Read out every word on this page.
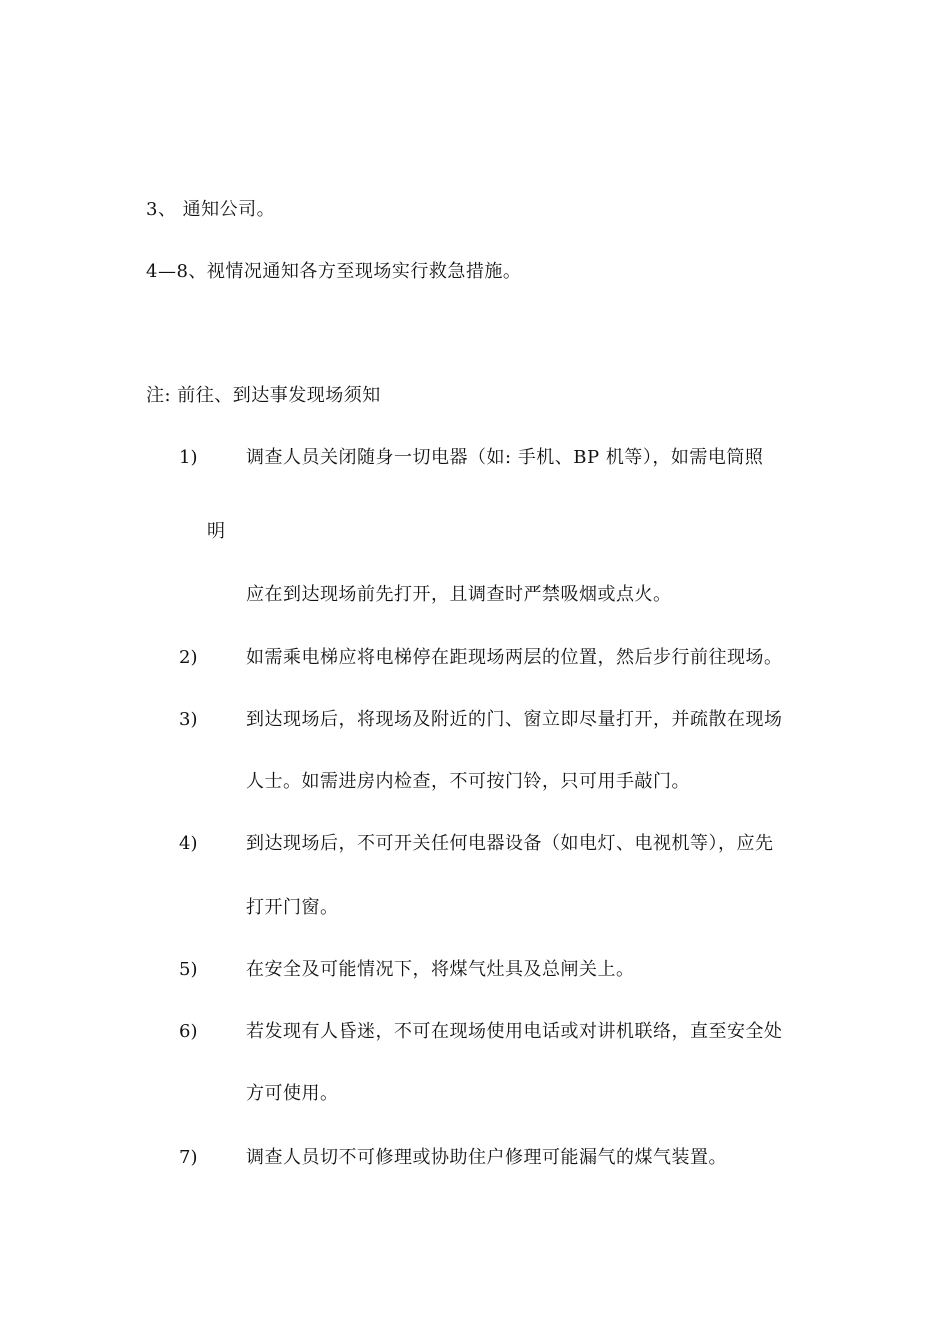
3、 通知公司。
4—8、视情况通知各方至现场实行救急措施。
注: 前往、到达事发现场须知
1)	调查人员关闭随身一切电器（如: 手机、BP 机等），如需电筒照
明
应在到达现场前先打开，且调查时严禁吸烟或点火。
2)	如需乘电梯应将电梯停在距现场两层的位置，然后步行前往现场。
3)	到达现场后，将现场及附近的门、窗立即尽量打开，并疏散在现场
人士。如需进房内检查，不可按门铃，只可用手敲门。
4)	到达现场后，不可开关任何电器设备（如电灯、电视机等），应先
打开门窗。
5)	在安全及可能情况下，将煤气灶具及总闸关上。
6)	若发现有人昏迷，不可在现场使用电话或对讲机联络，直至安全处
方可使用。
7)	调查人员切不可修理或协助住户修理可能漏气的煤气装置。
